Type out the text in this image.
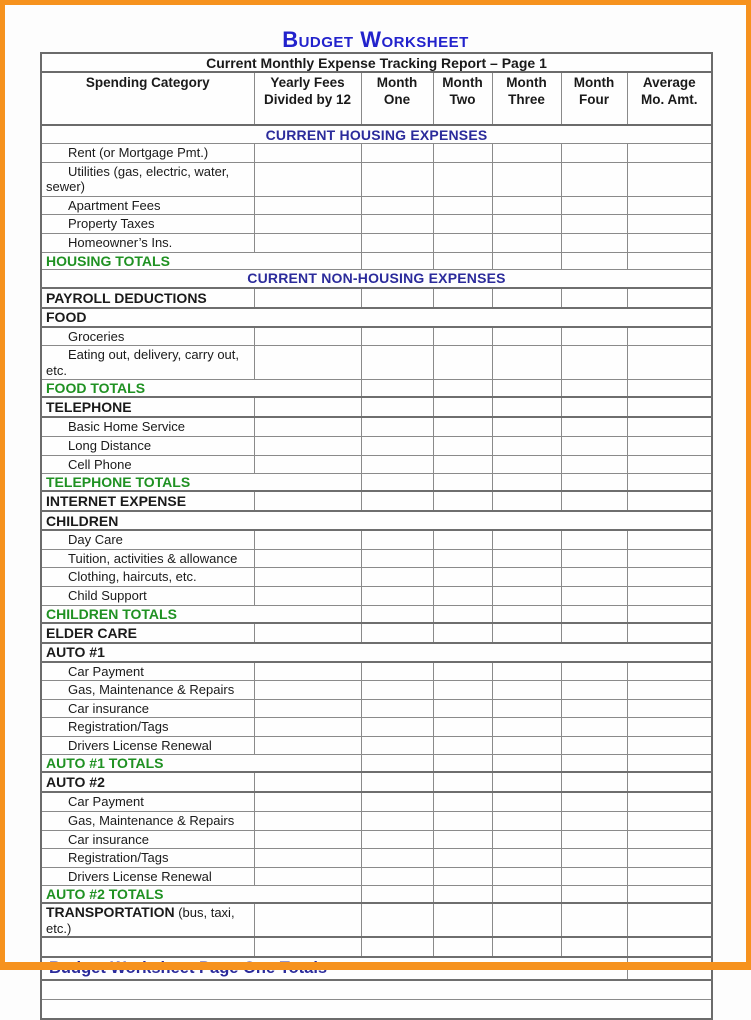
Budget Worksheet
Current Monthly Expense Tracking Report – Page 1						
Spending Category	Yearly Fees Divided by 12	Month One	Month Two	Month Three	Month Four	Average Mo. Amt.
CURRENT HOUSING EXPENSES						
Rent (or Mortgage Pmt.)						
Utilities (gas, electric, water, sewer)						
Apartment Fees						
Property Taxes						
Homeowner’s Ins.						
HOUSING TOTALS						
CURRENT NON-HOUSING EXPENSES						
PAYROLL DEDUCTIONS						
FOOD						
Groceries						
Eating out, delivery, carry out, etc.						
FOOD TOTALS						
TELEPHONE						
Basic Home Service						
Long Distance						
Cell Phone						
TELEPHONE TOTALS						
INTERNET EXPENSE						
CHILDREN						
Day Care						
Tuition, activities & allowance						
Clothing, haircuts, etc.						
Child Support						
CHILDREN TOTALS						
ELDER CARE						
AUTO #1						
Car Payment						
Gas, Maintenance & Repairs						
Car insurance						
Registration/Tags						
Drivers License Renewal						
AUTO #1 TOTALS						
AUTO #2						
Car Payment						
Gas, Maintenance & Repairs						
Car insurance						
Registration/Tags						
Drivers License Renewal						
AUTO #2 TOTALS						
TRANSPORTATION (bus, taxi, etc.)						

Budget Worksheet Page One Totals						
